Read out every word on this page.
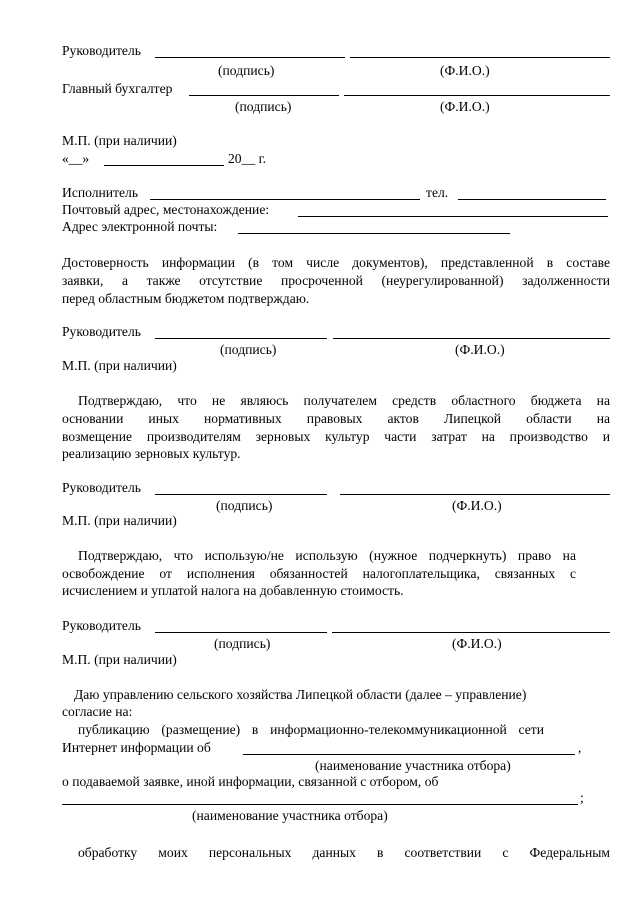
Руководитель
(подпись)	(Ф.И.О.)
Главный бухгалтер
(подпись)	(Ф.И.О.)
М.П. (при наличии)
«__»	20__ г.
Исполнитель	тел.
Почтовый адрес, местонахождение:
Адрес электронной почты:
Достоверность информации (в том числе документов), представленной в составе
заявки, а также отсутствие просроченной (неурегулированной) задолженности
перед областным бюджетом подтверждаю.
Руководитель
(подпись)	(Ф.И.О.)
М.П. (при наличии)
Подтверждаю, что не являюсь получателем средств областного бюджета на
основании иных нормативных правовых актов Липецкой области на
возмещение производителям зерновых культур части затрат на производство и
реализацию зерновых культур.
Руководитель
(подпись)	(Ф.И.О.)
М.П. (при наличии)
Подтверждаю, что использую/не использую (нужное подчеркнуть) право на
освобождение от исполнения обязанностей налогоплательщика, связанных с
исчислением и уплатой налога на добавленную стоимость.
Руководитель
(подпись)	(Ф.И.О.)
М.П. (при наличии)
Даю управлению сельского хозяйства Липецкой области (далее – управление)
согласие на:
публикацию (размещение) в информационно-телекоммуникационной сети
Интернет информации об	,
(наименование участника отбора)
о подаваемой заявке, иной информации, связанной с отбором, об
;
(наименование участника отбора)
обработку моих персональных данных в соответствии с Федеральным
